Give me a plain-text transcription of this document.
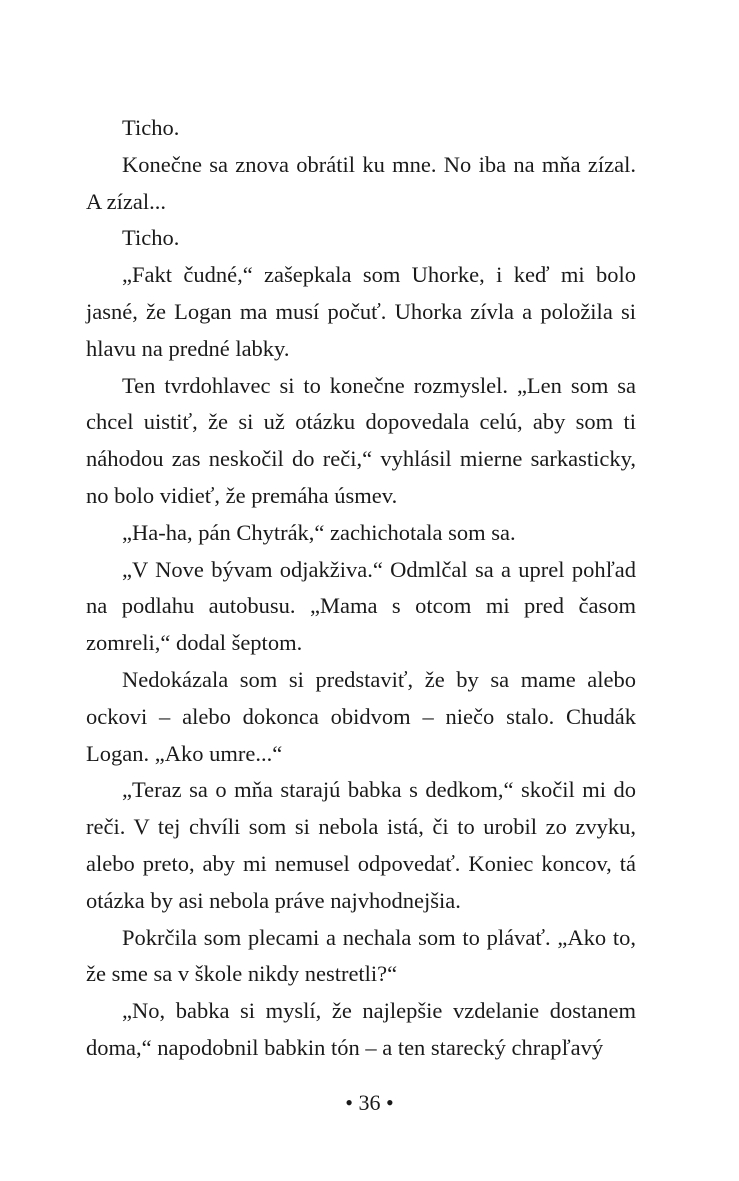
Ticho.

Konečne sa znova obrátil ku mne. No iba na mňa zízal. A zízal...

Ticho.

„Fakt čudné,“ zašepkala som Uhorke, i keď mi bolo jasné, že Logan ma musí počuť. Uhorka zívla a položila si hlavu na predné labky.

Ten tvrdohlavec si to konečne rozmyslel. „Len som sa chcel uistiť, že si už otázku dopovedala celú, aby som ti náhodou zas neskočil do reči,“ vyhlásil mierne sarkasticky, no bolo vidieť, že premáha úsmev.

„Ha-ha, pán Chytrák,“ zachichotala som sa.

„V Nove bývam odjakživa.“ Odmlčal sa a uprel pohľad na podlahu autobusu. „Mama s otcom mi pred časom zomreli,“ dodal šeptom.

Nedokázala som si predstaviť, že by sa mame alebo ockovi – alebo dokonca obidvom – niečo stalo. Chudák Logan. „Ako umre...“

„Teraz sa o mňa starajú babka s dedkom,“ skočil mi do reči. V tej chvíli som si nebola istá, či to urobil zo zvyku, alebo preto, aby mi nemusel odpovedať. Koniec koncov, tá otázka by asi nebola práve najvhodnejšia.

Pokrčila som plecami a nechala som to plávať. „Ako to, že sme sa v škole nikdy nestretli?“

„No, babka si myslí, že najlepšie vzdelanie dostanem doma,“ napodobnil babkin tón – a ten starecký chrapľavý

• 36 •
